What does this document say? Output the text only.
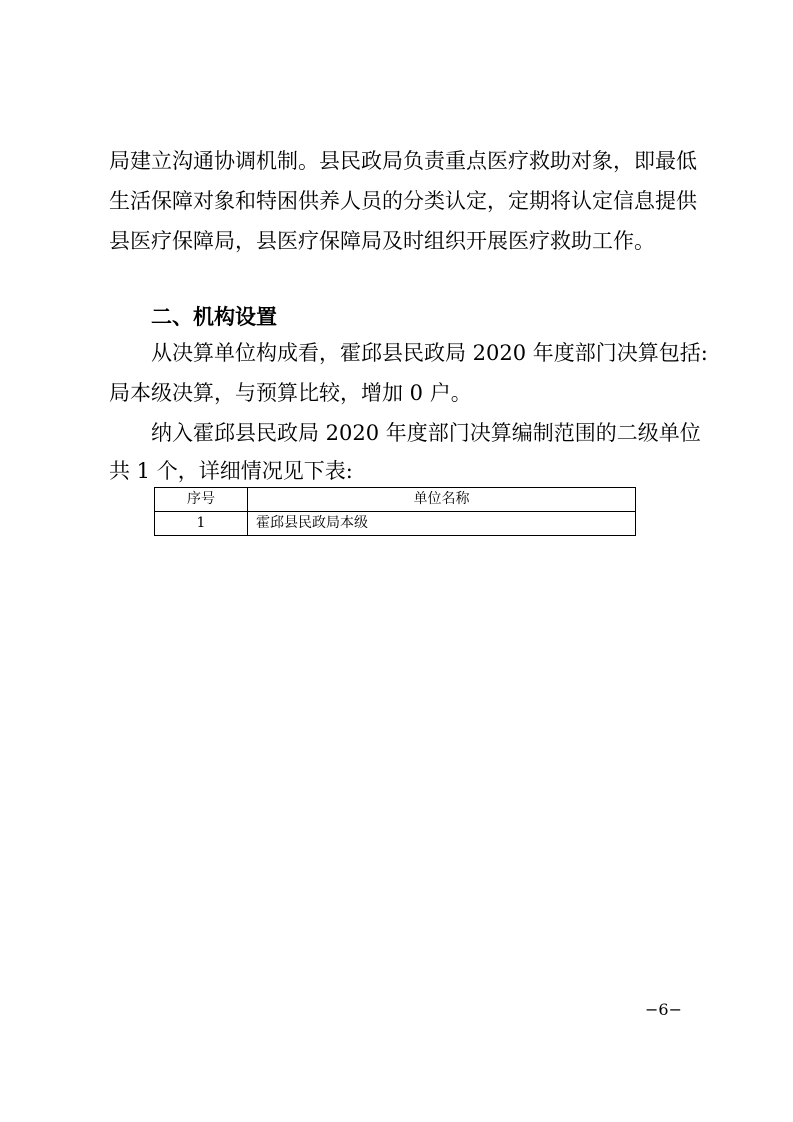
局建立沟通协调机制。县民政局负责重点医疗救助对象，即最低

生活保障对象和特困供养人员的分类认定，定期将认定信息提供

县医疗保障局，县医疗保障局及时组织开展医疗救助工作。

二、机构设置

从决算单位构成看，霍邱县民政局 2020 年度部门决算包括:

局本级决算，与预算比较，增加 0 户。

纳入霍邱县民政局 2020 年度部门决算编制范围的二级单位

共 1 个，详细情况见下表:

序号	单位名称
1	霍邱县民政局本级
−6−
